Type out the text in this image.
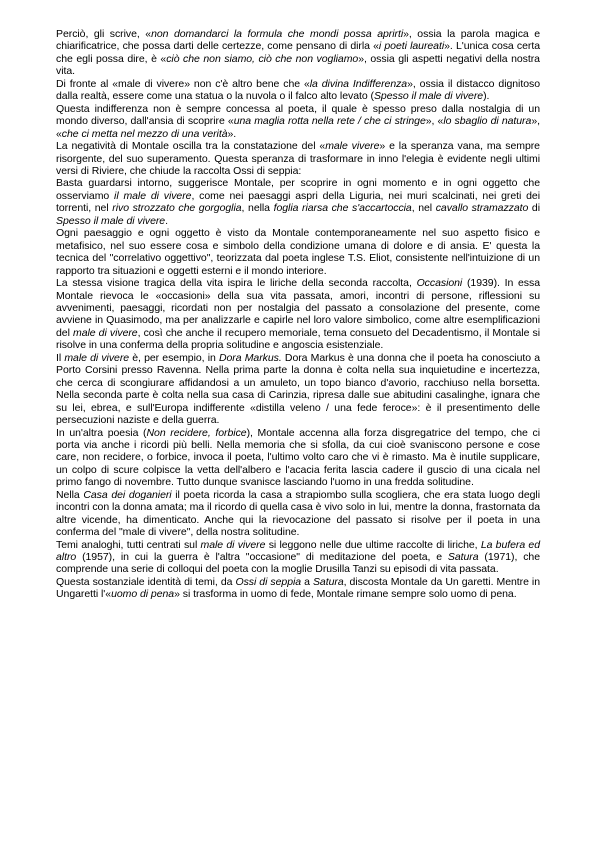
Perciò, gli scrive, «non domandarci la formula che mondi possa aprirti», ossia la parola magica e chiarificatrice, che possa darti delle certezze, come pensano di dirla «i poeti laureati». L'unica cosa certa che egli possa dire, è «ciò che non siamo, ciò che non vogliamo», ossia gli aspetti negativi della nostra vita.

Di fronte al «male di vivere» non c'è altro bene che «la divina Indifferenza», ossia il distacco dignitoso dalla realtà, essere come una statua o la nuvola o il falco alto levato (Spesso il male di vivere).

Questa indifferenza non è sempre concessa al poeta, il quale è spesso preso dalla nostalgia di un mondo diverso, dall'ansia di scoprire «una maglia rotta nella rete / che ci stringe», «lo sbaglio di natura», «che ci metta nel mezzo di una verità».

La negatività di Montale oscilla tra la constatazione del «male vivere» e la speranza vana, ma sempre risorgente, del suo superamento. Questa speranza di trasformare in inno l'elegia è evidente negli ultimi versi di Riviere, che chiude la raccolta Ossi di seppia:

Basta guardarsi intorno, suggerisce Montale, per scoprire in ogni momento e in ogni oggetto che osserviamo il male di vivere, come nei paesaggi aspri della Liguria, nei muri scalcinati, nei greti dei torrenti, nel rivo strozzato che gorgoglia, nella foglia riarsa che s'accartoccia, nel cavallo stramazzato di Spesso il male di vivere.

Ogni paesaggio e ogni oggetto è visto da Montale contemporaneamente nel suo aspetto fisico e metafisico, nel suo essere cosa e simbolo della condizione umana di dolore e di ansia. E' questa la tecnica del "correlativo oggettivo", teorizzata dal poeta inglese T.S. Eliot, consistente nell'intuizione di un rapporto tra situazioni e oggetti esterni e il mondo interiore.

La stessa visione tragica della vita ispira le liriche della seconda raccolta, Occasioni (1939). In essa Montale rievoca le «occasioni» della sua vita passata, amori, incontri di persone, riflessioni su avvenimenti, paesaggi, ricordati non per nostalgia del passato a consolazione del presente, come avviene in Quasimodo, ma per analizzarle e capirle nel loro valore simbolico, come altre esemplificazioni del male di vivere, così che anche il recupero memoriale, tema consueto del Decadentismo, il Montale si risolve in una conferma della propria solitudine e angoscia esistenziale.

Il male di vivere è, per esempio, in Dora Markus. Dora Markus è una donna che il poeta ha conosciuto a Porto Corsini presso Ravenna. Nella prima parte la donna è colta nella sua inquietudine e incertezza, che cerca di scongiurare affidandosi a un amuleto, un topo bianco d'avorio, racchiuso nella borsetta. Nella seconda parte è colta nella sua casa di Carinzia, ripresa dalle sue abitudini casalinghe, ignara che su lei, ebrea, e sull'Europa indifferente «distilla veleno / una fede feroce»: è il presentimento delle persecuzioni naziste e della guerra.

In un'altra poesia (Non recidere, forbice), Montale accenna alla forza disgregatrice del tempo, che ci porta via anche i ricordi più belli. Nella memoria che si sfolla, da cui cioè svaniscono persone e cose care, non recidere, o forbice, invoca il poeta, l'ultimo volto caro che vi è rimasto. Ma è inutile supplicare, un colpo di scure colpisce la vetta dell'albero e l'acacia ferita lascia cadere il guscio di una cicala nel primo fango di novembre. Tutto dunque svanisce lasciando l'uomo in una fredda solitudine.

Nella Casa dei doganieri il poeta ricorda la casa a strapiombo sulla scogliera, che era stata luogo degli incontri con la donna amata; ma il ricordo di quella casa è vivo solo in lui, mentre la donna, frastornata da altre vicende, ha dimenticato. Anche qui la rievocazione del passato si risolve per il poeta in una conferma del "male di vivere", della nostra solitudine.

Temi analoghi, tutti centrati sul male di vivere si leggono nelle due ultime raccolte di liriche, La bufera ed altro (1957), in cui la guerra è l'altra "occasione" di meditazione del poeta, e Satura (1971), che comprende una serie di colloqui del poeta con la moglie Drusilla Tanzi su episodi di vita passata.

Questa sostanziale identità di temi, da Ossi di seppia a Satura, discosta Montale da Un garetti. Mentre in Ungaretti l'«uomo di pena» si trasforma in uomo di fede, Montale rimane sempre solo uomo di pena.
